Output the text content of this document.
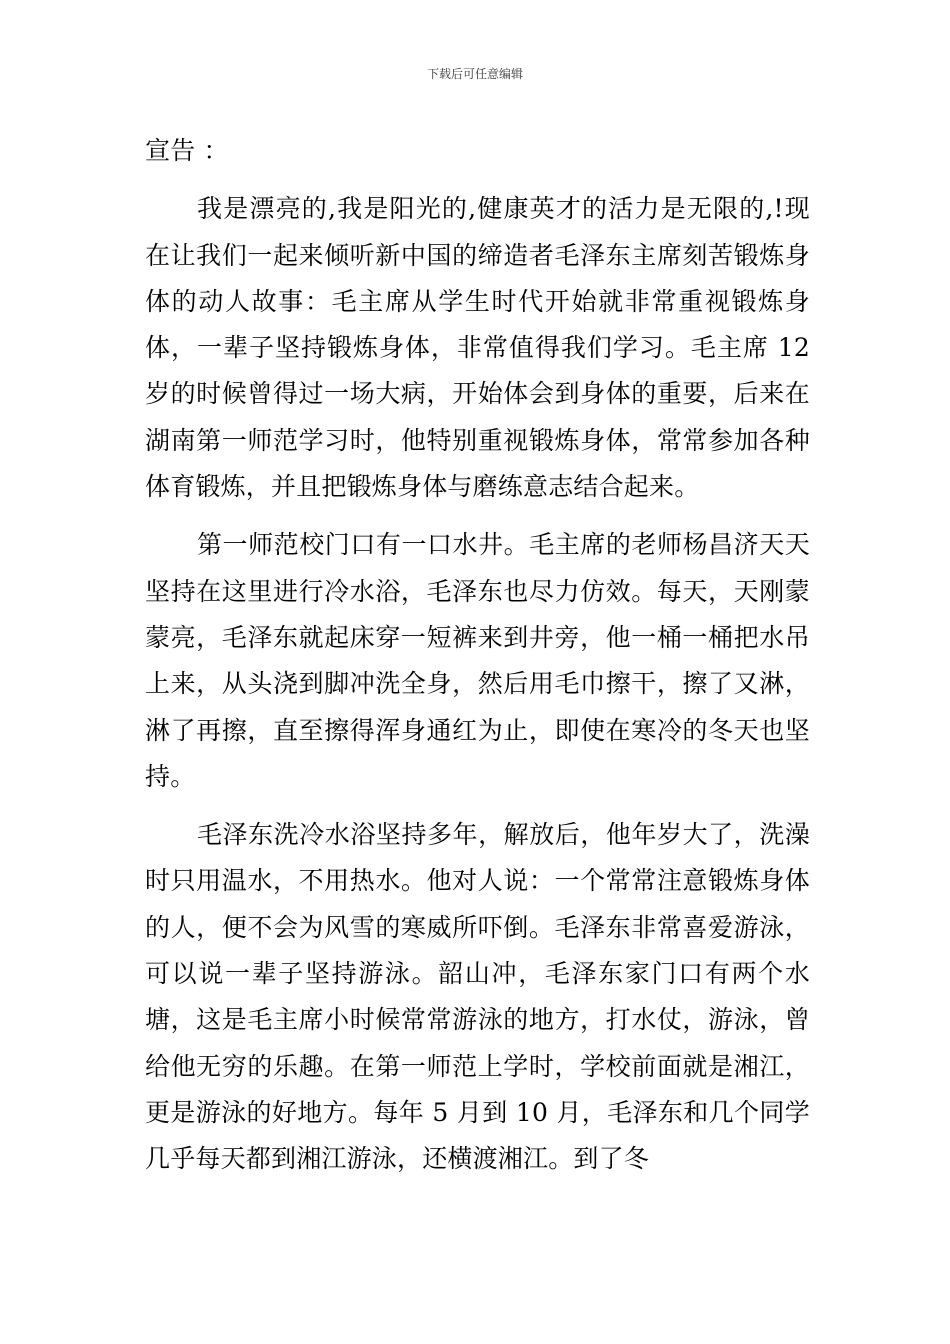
下载后可任意编辑

宣告 ：

我是漂亮的,我是阳光的,健康英才的活力是无限的,!现在让我们一起来倾听新中国的缔造者毛泽东主席刻苦锻炼身体的动人故事：毛主席从学生时代开始就非常重视锻炼身体，一辈子坚持锻炼身体，非常值得我们学习。毛主席 12 岁的时候曾得过一场大病，开始体会到身体的重要，后来在湖南第一师范学习时，他特别重视锻炼身体，常常参加各种体育锻炼，并且把锻炼身体与磨练意志结合起来。

第一师范校门口有一口水井。毛主席的老师杨昌济天天坚持在这里进行冷水浴，毛泽东也尽力仿效。每天，天刚蒙蒙亮，毛泽东就起床穿一短裤来到井旁，他一桶一桶把水吊上来，从头浇到脚冲洗全身，然后用毛巾擦干，擦了又淋，淋了再擦，直至擦得浑身通红为止，即使在寒冷的冬天也坚持。

毛泽东洗冷水浴坚持多年，解放后，他年岁大了，洗澡时只用温水，不用热水。他对人说：一个常常注意锻炼身体的人，便不会为风雪的寒威所吓倒。毛泽东非常喜爱游泳，可以说一辈子坚持游泳。韶山冲，毛泽东家门口有两个水塘，这是毛主席小时候常常游泳的地方，打水仗，游泳，曾给他无穷的乐趣。在第一师范上学时，学校前面就是湘江，更是游泳的好地方。每年 5 月到 10 月，毛泽东和几个同学几乎每天都到湘江游泳，还横渡湘江。到了冬
